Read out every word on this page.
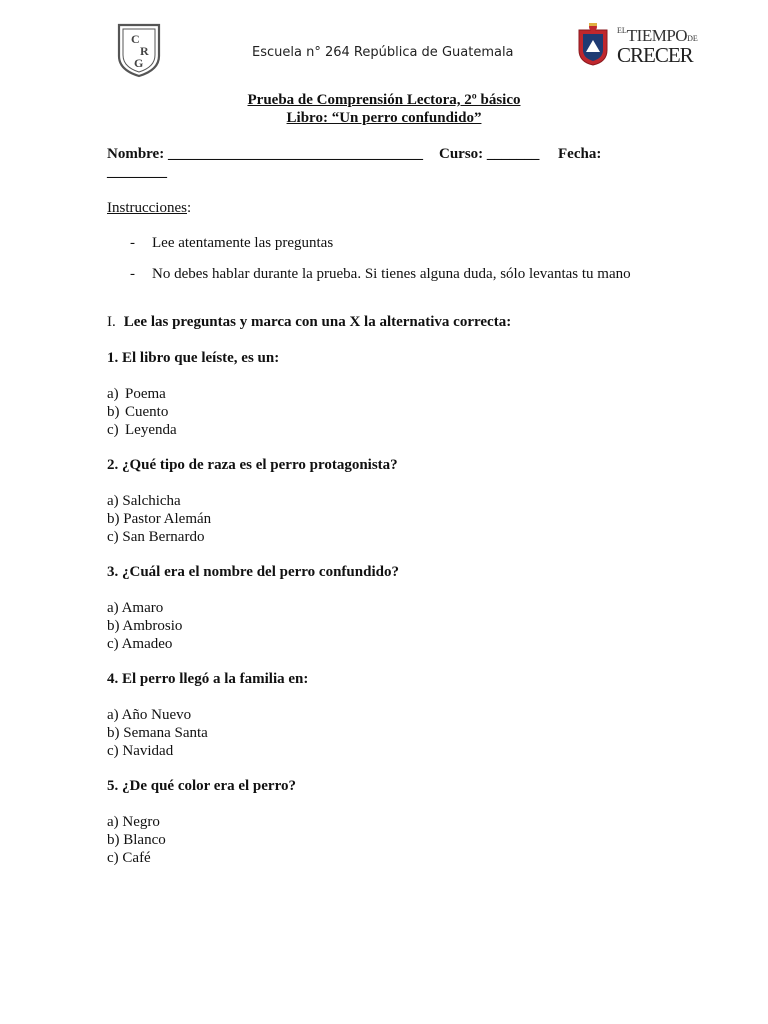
C
R
G
Escuela n° 264 República de Guatemala
$^{EL}$TIEMPODE
CRECER
Prueba de Comprensión Lectora, 2º básico
Libro: “Un perro confundido”
Nombre: __________________________________ Curso: _______ Fecha:
________
Instrucciones:
- Lee atentamente las preguntas
- No debes hablar durante la prueba. Si tienes alguna duda, sólo levantas tu mano
I. Lee las preguntas y marca con una X la alternativa correcta:
1. El libro que leíste, es un:
a) Poema
b) Cuento
c) Leyenda
2. ¿Qué tipo de raza es el perro protagonista?
a) Salchicha
b) Pastor Alemán
c) San Bernardo
3. ¿Cuál era el nombre del perro confundido?
a) Amaro
b) Ambrosio
c) Amadeo
4. El perro llegó a la familia en:
a) Año Nuevo
b) Semana Santa
c) Navidad
5. ¿De qué color era el perro?
a) Negro
b) Blanco
c) Café
